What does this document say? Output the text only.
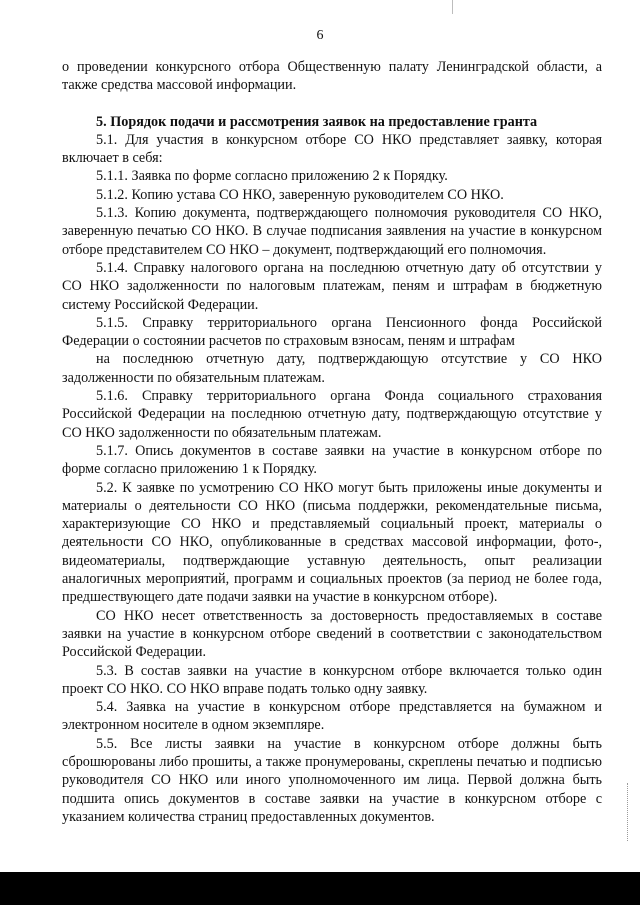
6

о проведении конкурсного отбора Общественную палату Ленинградской области, а также средства массовой информации.

5. Порядок подачи и рассмотрения заявок на предоставление гранта

5.1. Для участия в конкурсном отборе СО НКО представляет заявку, которая включает в себя:

5.1.1. Заявка по форме согласно приложению 2 к Порядку.

5.1.2. Копию устава СО НКО, заверенную руководителем СО НКО.

5.1.3. Копию документа, подтверждающего полномочия руководителя СО НКО, заверенную печатью СО НКО. В случае подписания заявления на участие в конкурсном отборе представителем СО НКО – документ, подтверждающий его полномочия.

5.1.4. Справку налогового органа на последнюю отчетную дату об отсутствии у СО НКО задолженности по налоговым платежам, пеням и штрафам в бюджетную систему Российской Федерации.

5.1.5. Справку территориального органа Пенсионного фонда Российской Федерации о состоянии расчетов по страховым взносам, пеням и штрафам

на последнюю отчетную дату, подтверждающую отсутствие у СО НКО задолженности по обязательным платежам.

5.1.6. Справку территориального органа Фонда социального страхования Российской Федерации на последнюю отчетную дату, подтверждающую отсутствие у СО НКО задолженности по обязательным платежам.

5.1.7. Опись документов в составе заявки на участие в конкурсном отборе по форме согласно приложению 1 к Порядку.

5.2. К заявке по усмотрению СО НКО могут быть приложены иные документы и материалы о деятельности СО НКО (письма поддержки, рекомендательные письма, характеризующие СО НКО и представляемый социальный проект, материалы о деятельности СО НКО, опубликованные в средствах массовой информации, фото-, видеоматериалы, подтверждающие уставную деятельность, опыт реализации аналогичных мероприятий, программ и социальных проектов (за период не более года, предшествующего дате подачи заявки на участие в конкурсном отборе).

СО НКО несет ответственность за достоверность предоставляемых в составе заявки на участие в конкурсном отборе сведений в соответствии с законодательством Российской Федерации.

5.3. В состав заявки на участие в конкурсном отборе включается только один проект СО НКО. СО НКО вправе подать только одну заявку.

5.4. Заявка на участие в конкурсном отборе представляется на бумажном и электронном носителе в одном экземпляре.

5.5. Все листы заявки на участие в конкурсном отборе должны быть сброшюрованы либо прошиты, а также пронумерованы, скреплены печатью и подписью руководителя СО НКО или иного уполномоченного им лица. Первой должна быть подшита опись документов в составе заявки на участие в конкурсном отборе с указанием количества страниц предоставленных документов.
